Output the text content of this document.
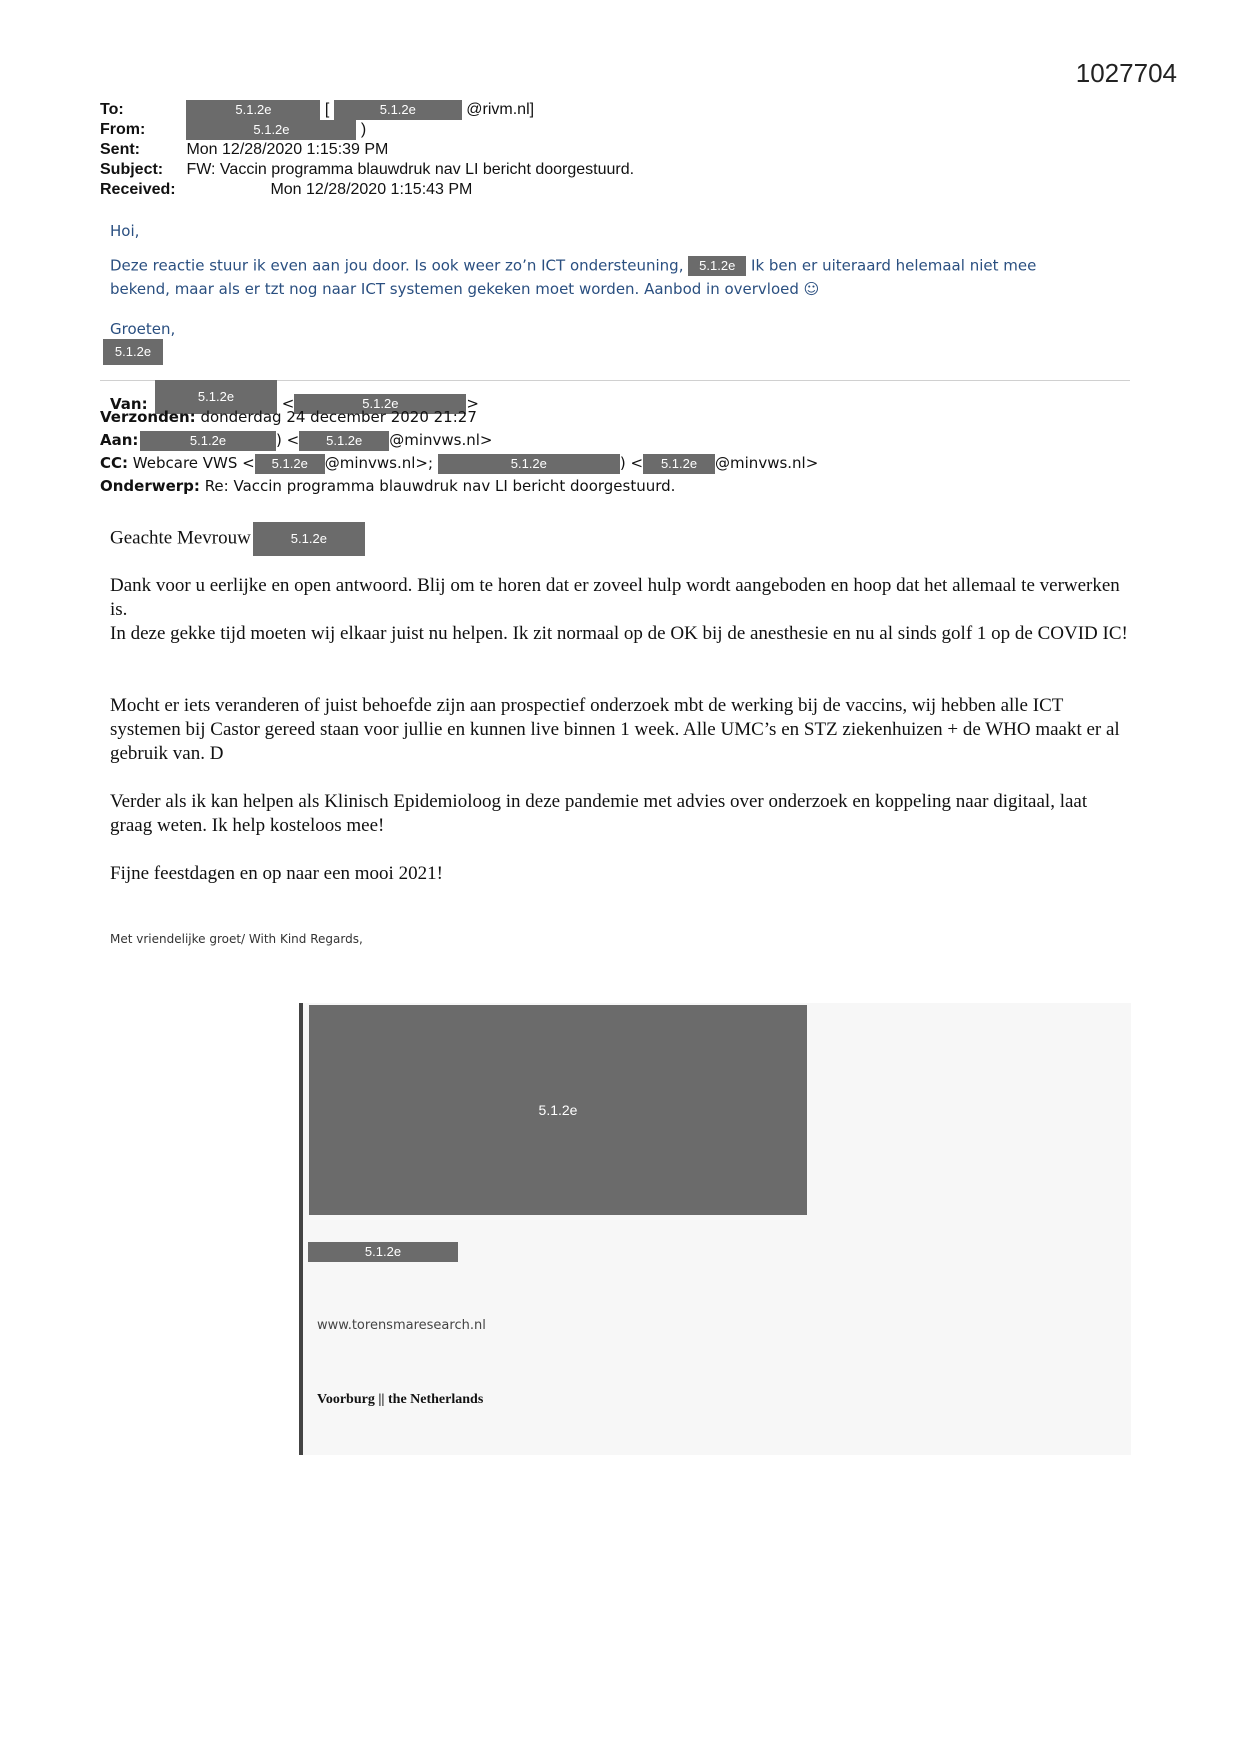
1027704
To:	5.1.2e	[	5.1.2e	@rivm.nl]
From:	5.1.2e	)
Sent:	Mon 12/28/2020 1:15:39 PM
Subject: FW: Vaccin programma blauwdruk nav LI bericht doorgestuurd.
Received:	Mon 12/28/2020 1:15:43 PM
Hoi,
Deze reactie stuur ik even aan jou door. Is ook weer zo’n ICT ondersteuning, 5.1.2e Ik ben er uiteraard helemaal niet mee
bekend, maar als er tzt nog naar ICT systemen gekeken moet worden. Aanbod in overvloed ☺
Groeten,
5.1.2e
Van:	5.1.2e	<	5.1.2e	>
Verzonden: donderdag 24 december 2020 21:27
Aan:	5.1.2e	) < 5.1.2e @minvws.nl>
CC: Webcare VWS < 5.1.2e @minvws.nl>;	5.1.2e	) < 5.1.2e @minvws.nl>
Onderwerp: Re: Vaccin programma blauwdruk nav LI bericht doorgestuurd.
Geachte Mevrouw	5.1.2e
Dank voor u eerlijke en open antwoord. Blij om te horen dat er zoveel hulp wordt aangeboden en hoop dat het allemaal te verwerken is.
In deze gekke tijd moeten wij elkaar juist nu helpen. Ik zit normaal op de OK bij de anesthesie en nu al sinds golf 1 op de COVID IC!
Mocht er iets veranderen of juist behoefde zijn aan prospectief onderzoek mbt de werking bij de vaccins, wij hebben alle ICT systemen bij Castor gereed staan voor jullie en kunnen live binnen 1 week. Alle UMC’s en STZ ziekenhuizen + de WHO maakt er al gebruik van. D
Verder als ik kan helpen als Klinisch Epidemioloog in deze pandemie met advies over onderzoek en koppeling naar digitaal, laat graag weten. Ik help kosteloos mee!
Fijne feestdagen en op naar een mooi 2021!
Met vriendelijke groet/ With Kind Regards,
5.1.2e
5.1.2e
www.torensmaresearch.nl
Voorburg || the Netherlands
